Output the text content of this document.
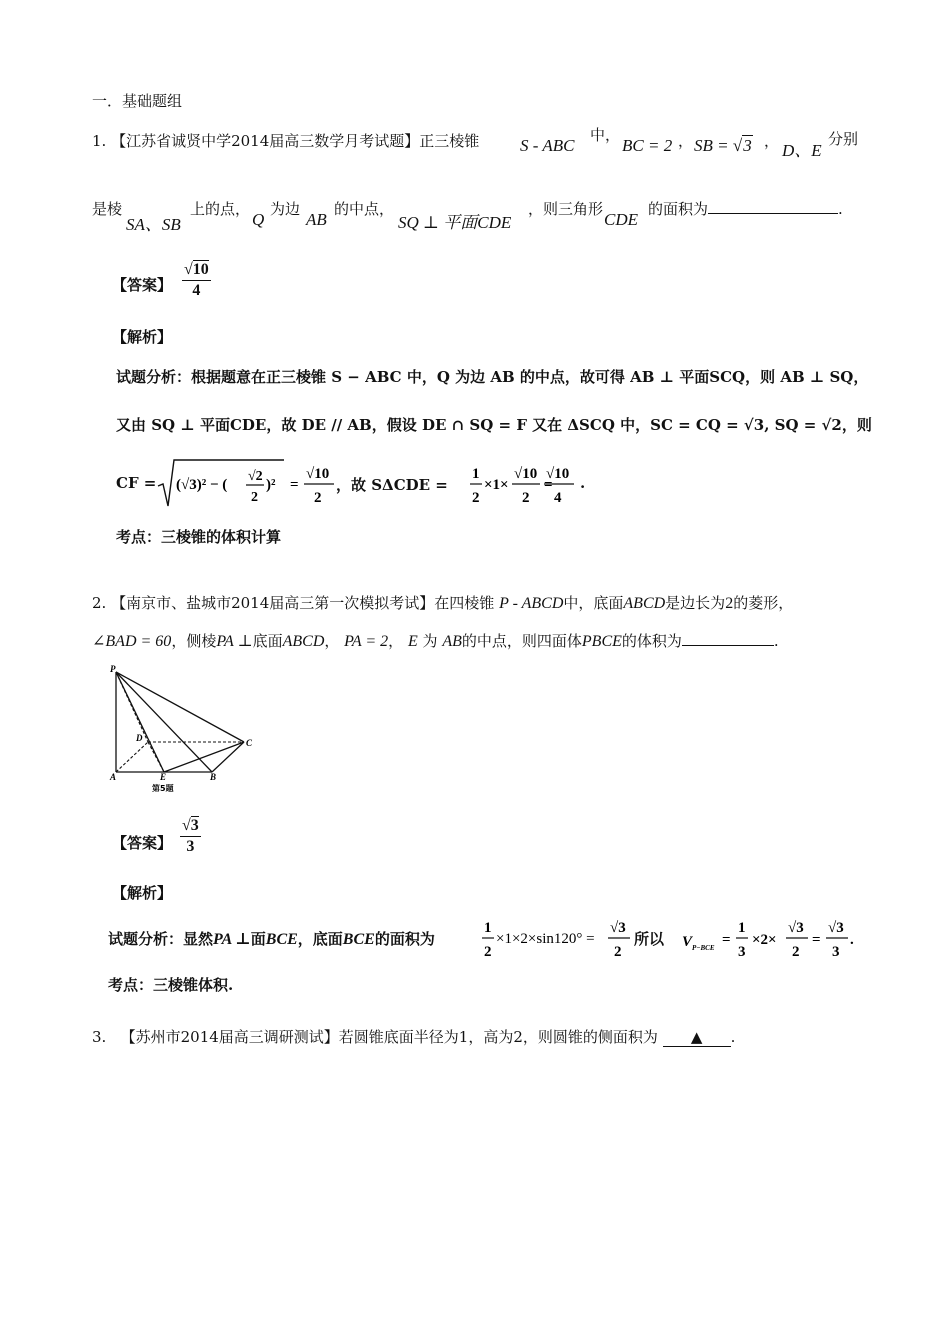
一．基础题组
1. 【江苏省诚贤中学2014届高三数学月考试题】正三棱锥 S - ABC
中，
BC = 2 ， SB = √3 ， D、E
分别
是棱
SA、SB
上的点，
Q
为边
AB
的中点，
SQ ⊥ 平面CDE
，则三角形
CDE
的面积为	.
【答案】 $\frac{√10}{4}$
【解析】
试题分析：根据题意在正三棱锥 S − ABC 中，Q 为边 AB 的中点，故可得 AB ⊥ 平面SCQ，则 AB ⊥ SQ，
又由 SQ ⊥ 平面CDE，故 DE // AB，假设 DE ∩ SQ = F 又在 ΔSCQ 中，SC = CQ = √3, SQ = √2，则
CF = (√3)² − (
√2
2
)² =
√10
2
，故 SΔCDE =
1
2
×1×
√10
2
=
√10
4
.
考点：三棱锥的体积计算
2. 【南京市、盐城市2014届高三第一次模拟考试】在四棱锥 P - ABCD中，底面ABCD是边长为2的菱形，
∠BAD = 60，侧棱PA ⊥底面ABCD， PA = 2， E 为 AB的中点，则四面体PBCE的体积为	.
P
D	C
A	E	B
第5题
【答案】 $\frac{√3}{3}$
【解析】
试题分析：显然PA ⊥面BCE，底面BCE的面积为
1
2
×1×2×sin120° =
√3
2
所以 V P−BCE =
1
3
×2×
√3
2
=
√3
3
.
考点：三棱锥体积.
3. 【苏州市2014届高三调研测试】若圆锥底面半径为1，高为2，则圆锥的侧面积为 ▲ .
